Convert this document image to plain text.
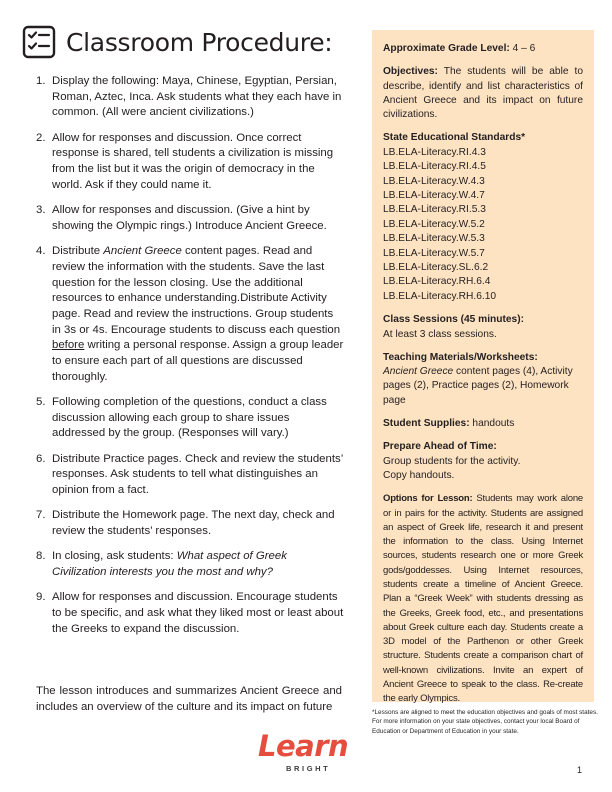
Classroom Procedure:
1. Display the following: Maya, Chinese, Egyptian, Persian, Roman, Aztec, Inca. Ask students what they each have in common. (All were ancient civilizations.)
2. Allow for responses and discussion. Once correct response is shared, tell students a civilization is missing from the list but it was the origin of democracy in the world. Ask if they could name it.
3. Allow for responses and discussion. (Give a hint by showing the Olympic rings.) Introduce Ancient Greece.
4. Distribute Ancient Greece content pages. Read and review the information with the students. Save the last question for the lesson closing. Use the additional resources to enhance understanding.Distribute Activity page. Read and review the instructions. Group students in 3s or 4s. Encourage students to discuss each question before writing a personal response. Assign a group leader to ensure each part of all questions are discussed thoroughly.
5. Following completion of the questions, conduct a class discussion allowing each group to share issues addressed by the group. (Responses will vary.)
6. Distribute Practice pages. Check and review the students’ responses. Ask students to tell what distinguishes an opinion from a fact.
7. Distribute the Homework page. The next day, check and review the students’ responses.
8. In closing, ask students: What aspect of Greek Civilization interests you the most and why?
9. Allow for responses and discussion. Encourage students to be specific, and ask what they liked most or least about the Greeks to expand the discussion.

The lesson introduces and summarizes Ancient Greece and includes an overview of the culture and its impact on future

Approximate Grade Level: 4 – 6
Objectives: The students will be able to describe, identify and list characteristics of Ancient Greece and its impact on future civilizations.
State Educational Standards*
LB.ELA-Literacy.RI.4.3
LB.ELA-Literacy.RI.4.5
LB.ELA-Literacy.W.4.3
LB.ELA-Literacy.W.4.7
LB.ELA-Literacy.RI.5.3
LB.ELA-Literacy.W.5.2
LB.ELA-Literacy.W.5.3
LB.ELA-Literacy.W.5.7
LB.ELA-Literacy.SL.6.2
LB.ELA-Literacy.RH.6.4
LB.ELA-Literacy.RH.6.10
Class Sessions (45 minutes):
At least 3 class sessions.
Teaching Materials/Worksheets:
Ancient Greece content pages (4), Activity pages (2), Practice pages (2), Homework page
Student Supplies: handouts
Prepare Ahead of Time:
Group students for the activity.
Copy handouts.
Options for Lesson: Students may work alone or in pairs for the activity. Students are assigned an aspect of Greek life, research it and present the information to the class. Using Internet sources, students research one or more Greek gods/goddesses. Using Internet resources, students create a timeline of Ancient Greece. Plan a “Greek Week” with students dressing as the Greeks, Greek food, etc., and presentations about Greek culture each day. Students create a 3D model of the Parthenon or other Greek structure. Students create a comparison chart of well-known civilizations. Invite an expert of Ancient Greece to speak to the class. Re-create the early Olympics.

*Lessons are aligned to meet the education objectives and goals of most states. For more information on your state objectives, contact your local Board of Education or Department of Education in your state.

Learn
BRIGHT	1
